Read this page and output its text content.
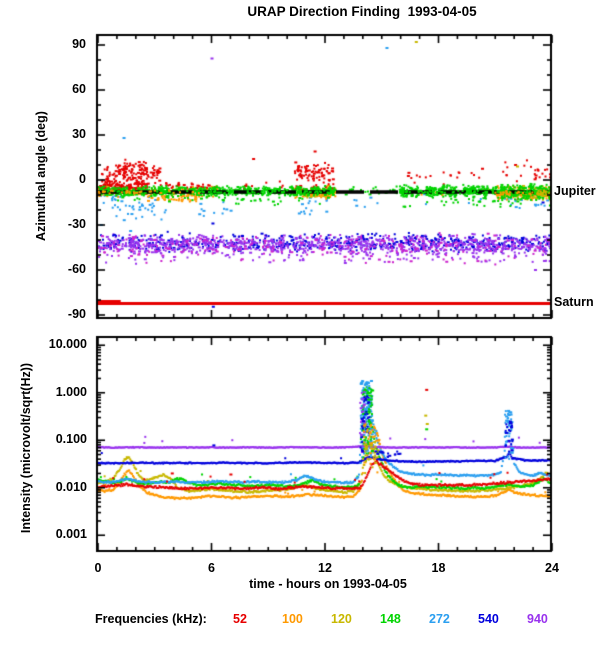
URAP Direction Finding  1993-04-05
Azimuthal angle (deg)
Intensity (microvolt/sqrt(Hz))
time - hours on 1993-04-05
Jupiter
Saturn
90
60
30
0
-30
-60
-90
10.000
1.000
0.100
0.010
0.001
0	6	12	18	24
Frequencies (kHz): 52	100 120 148 272 540 940
